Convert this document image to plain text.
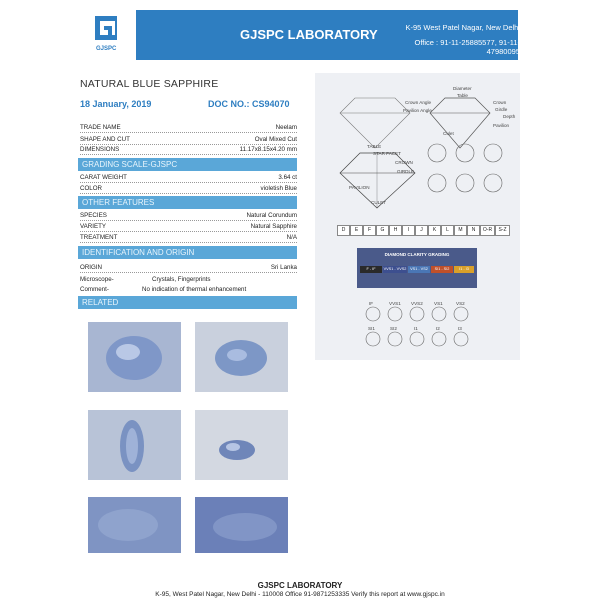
GJSPC
GJSPC LABORATORY	K-95 West Patel Nagar, New Delhi
Office : 91-11-25885577, 91-11-47980095
NATURAL BLUE SAPPHIRE
18 January, 2019	DOC NO.: CS94070
TRADE NAME	Neelam
SHAPE AND CUT	Oval Mixed Cut
DIMENSIONS	11.17x8.15x4.20 mm
GRADING SCALE-GJSPC
CARAT WEIGHT	3.64 ct
COLOR	violetish Blue
OTHER FEATURES
SPECIES	Natural Corundum
VARIETY	Natural Sapphire
TREATMENT	N/A
IDENTIFICATION AND ORIGIN
ORIGIN	Sri Lanka
Microscope-	Crystals, Fingerprints
Comment-	No indication of thermal enhancement
RELATED
Diameter
Table
Crown Angle
Pavilion Angle
Crown
Girdle
Depth
Pavilion
Culet
TABLE
STAR FACET
CROWN
GIRDLE
PAVILION
CULET
D	E	F	G	H	I	J	K	L	M	N	O-R	S-Z
DIAMOND CLARITY GRADING
F - IF	VVS1 - VVS2 VS1 - VS2	SI1 - SI2	I1 - I3
IF	VVS1 VVS2 VS1	VS2
SI1	SI2	I1	I2	I3
GJSPC LABORATORY
K-95, West Patel Nagar, New Delhi - 110008 Office 91-9871253335 Verify this report at www.gjspc.in
